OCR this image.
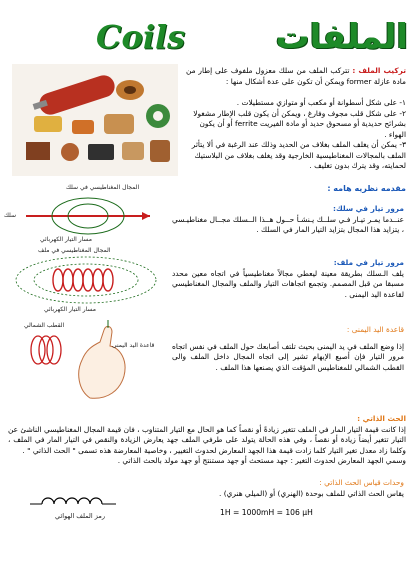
الملفات
Coils
تركيب الملف : تتركب الملف من سلك معزول ملفوف على إطار من مادة عازلة former ويمكن أن تكون على عدة أشكال منها :
١- على شكل أسطوانة أو مكعب أو متوازي مستطيلات .
٢- على شكل قلب مجوف وفارغ ، ويمكن أن يكون قلب الإطار مشغولا بشرائح حديدية أو مسحوق حديد أو مادة الفيريت ferrite أو أن يكون الهواء .
٣- يمكن أن يغلف الملف بغلاف من الحديد وذلك عند الرغبة في ألا يتأثر الملف بالمجالات المغناطيسية الخارجية وقد يغلف بغلاف من البلاستيك لحمايته، وقد يترك بدون تغليف .
مقدمه نظريه هامه :
المجال المغناطيسي في سلك
سلك
مسار التيار الكهربائي
مرور تيار في سلك:
عنــدما يمـر تيـار فـي سلــك يـنشـأ حــول هــذا الــسلك مجــال مغناطيـسي ، يتزايد هذا المجال بتزايد التيار المار في السلك .
المجال المغناطيسي في ملف
مسار التيار الكهربائي
مرور تيار في ملف:
يلف الـسلك بطريقة معينة ليعطي مجالاً مغناطيسياً في اتجاه معين محدد مسبقا من قبل المصمم. وتجمع اتجاهات التيار والملف والمجال المغناطيسي لقاعدة اليد اليمنى .
القطب الشمالي
قاعدة اليد اليمنى
قاعدة اليد اليمنى :
إذا وضع الملف في يد اليمنى بحيث تلتف أصابعك حول الملف في نفس اتجاه مرور التيار فإن أصبع الإبهام تشير إلى اتجاه المجال داخل الملف والى القطب الشمالي للمغناطيس المؤقت الذي يصنعها هذا الملف .
الحث الذاتي :
إذا كانت قيمة التيار المار في الملف تتغير زيادةً أو نقصاً كما هو الحال مع التيار المتناوب ، فان قيمة المجال المغناطيسي الناشئ عن التيار تتغير أيضاً زيادة أو نقصاً ، وفي هذه الحالة يتولد على طرفي الملف جهد يعارض الزيادة والنقص في التيار المار في الملف ، وكلما زاد معدل تغير التيار كلما زادت قيمة هذا الجهد المعارض لحدوث التغيير ، وخاصية المعارضة هذه تسمى " الحث الذاتي " .
وسمي الجهد المعارض لحدوث التغير : جهد مستحث أو جهد مستنتج أو جهد مولد بالحث الذاتي .
وحدات قياس الحث الذاتي :
يقاس الحث الذاتي للملف بوحدة (الهنري) أو (الميلي هنري) .
1H = 1000mH = 106 µH
رمز الملف الهوائي
